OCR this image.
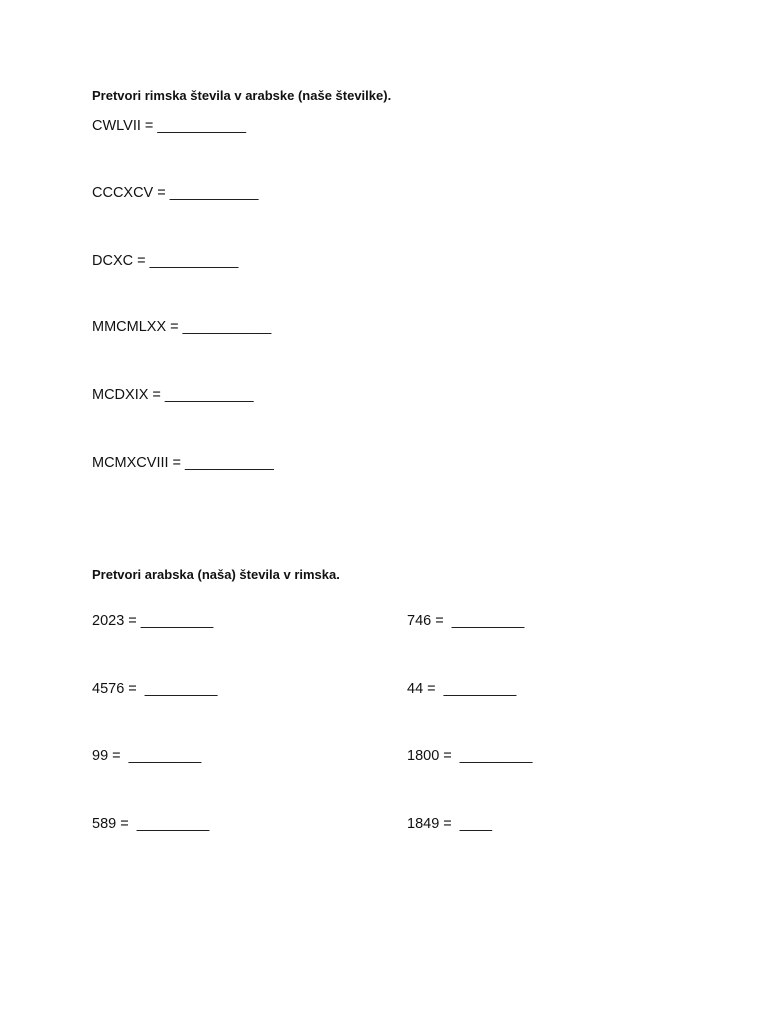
Pretvori rimska števila v arabske (naše številke).
CWLVII = ___________
CCCXCV = ___________
DCXC = ___________
MMCMLXX = ___________
MCDXIX = ___________
MCMXCVIII = ___________
Pretvori arabska (naša) števila v rimska.
2023 = _________
4576 =  _________
99 =  _________
589 =  _________
746 =  _________
44 =  _________
1800 =  _________
1849 =  ____
